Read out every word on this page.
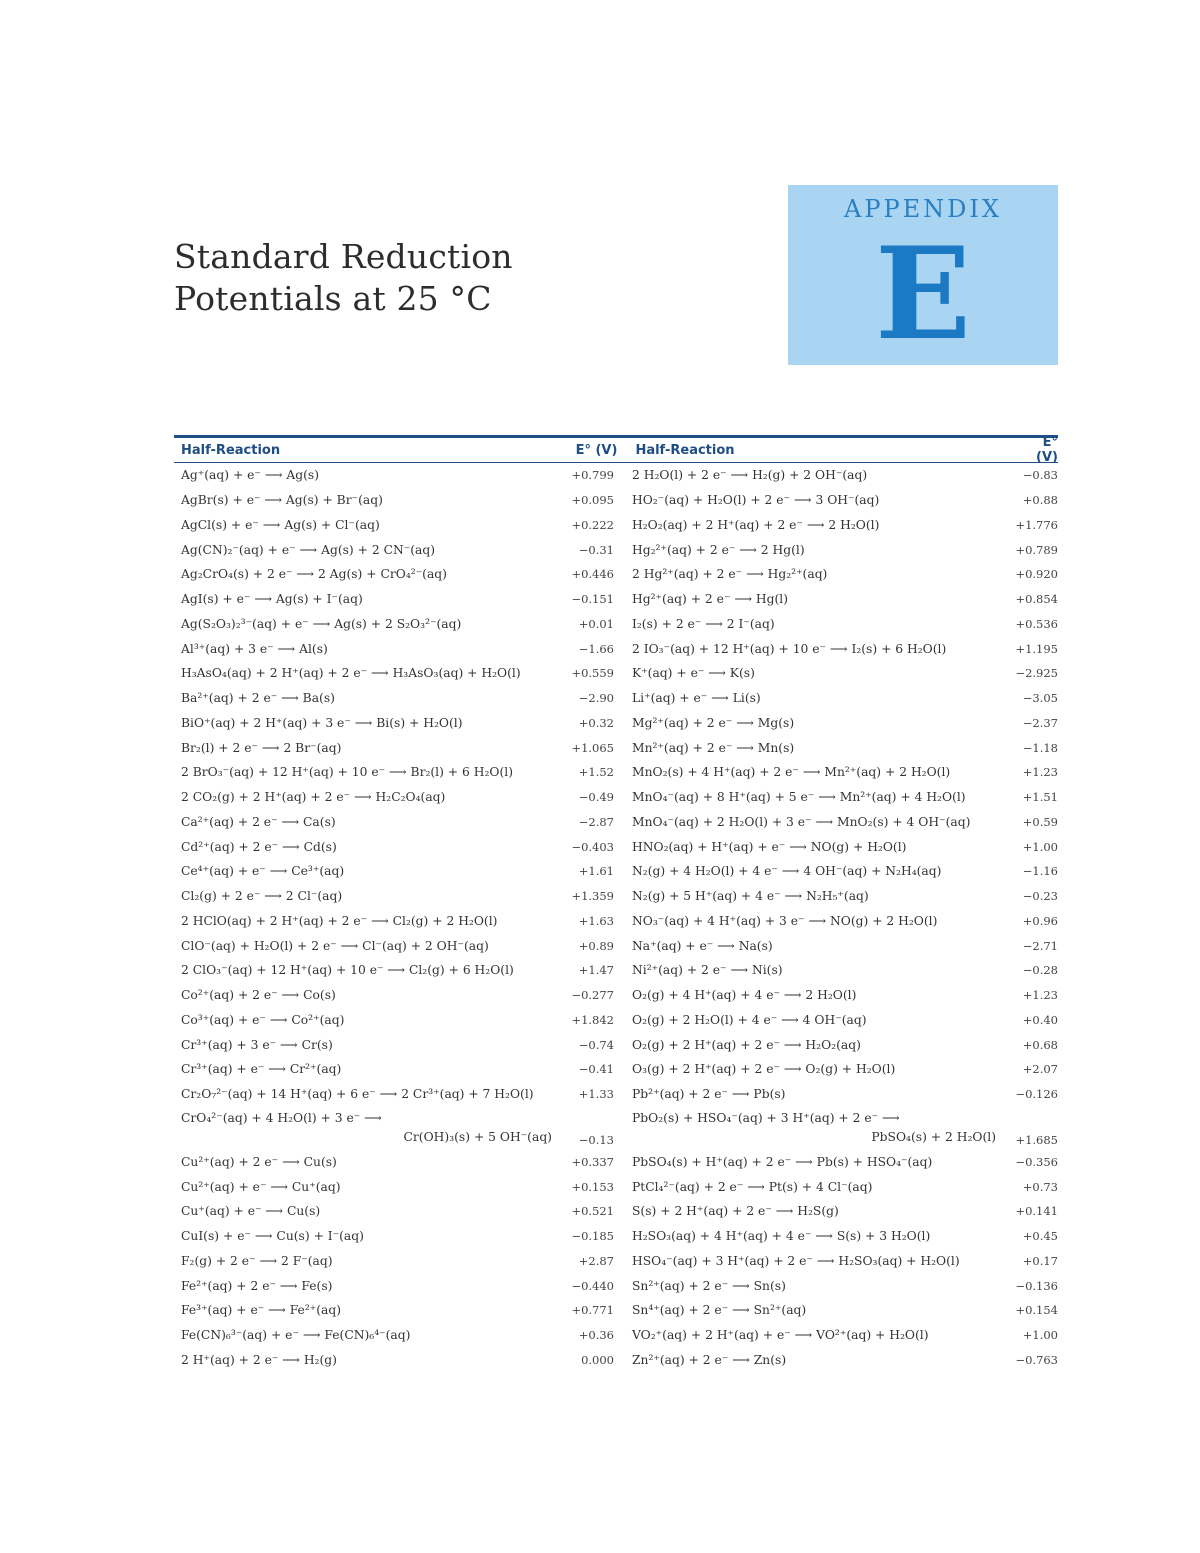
Standard Reduction
Potentials at 25 °C
APPENDIX
E
Half-Reaction	E° (V)	Half-Reaction	E° (V)
Ag⁺(aq) + e⁻ ⟶ Ag(s)	+0.799
AgBr(s) + e⁻ ⟶ Ag(s) + Br⁻(aq)	+0.095
AgCl(s) + e⁻ ⟶ Ag(s) + Cl⁻(aq)	+0.222
Ag(CN)₂⁻(aq) + e⁻ ⟶ Ag(s) + 2 CN⁻(aq)	−0.31
Ag₂CrO₄(s) + 2 e⁻ ⟶ 2 Ag(s) + CrO₄²⁻(aq)	+0.446
AgI(s) + e⁻ ⟶ Ag(s) + I⁻(aq)	−0.151
Ag(S₂O₃)₂³⁻(aq) + e⁻ ⟶ Ag(s) + 2 S₂O₃²⁻(aq)	+0.01
Al³⁺(aq) + 3 e⁻ ⟶ Al(s)	−1.66
H₃AsO₄(aq) + 2 H⁺(aq) + 2 e⁻ ⟶ H₃AsO₃(aq) + H₂O(l)	+0.559
Ba²⁺(aq) + 2 e⁻ ⟶ Ba(s)	−2.90
BiO⁺(aq) + 2 H⁺(aq) + 3 e⁻ ⟶ Bi(s) + H₂O(l)	+0.32
Br₂(l) + 2 e⁻ ⟶ 2 Br⁻(aq)	+1.065
2 BrO₃⁻(aq) + 12 H⁺(aq) + 10 e⁻ ⟶ Br₂(l) + 6 H₂O(l)	+1.52
2 CO₂(g) + 2 H⁺(aq) + 2 e⁻ ⟶ H₂C₂O₄(aq)	−0.49
Ca²⁺(aq) + 2 e⁻ ⟶ Ca(s)	−2.87
Cd²⁺(aq) + 2 e⁻ ⟶ Cd(s)	−0.403
Ce⁴⁺(aq) + e⁻ ⟶ Ce³⁺(aq)	+1.61
Cl₂(g) + 2 e⁻ ⟶ 2 Cl⁻(aq)	+1.359
2 HClO(aq) + 2 H⁺(aq) + 2 e⁻ ⟶ Cl₂(g) + 2 H₂O(l)	+1.63
ClO⁻(aq) + H₂O(l) + 2 e⁻ ⟶ Cl⁻(aq) + 2 OH⁻(aq)	+0.89
2 ClO₃⁻(aq) + 12 H⁺(aq) + 10 e⁻ ⟶ Cl₂(g) + 6 H₂O(l)	+1.47
Co²⁺(aq) + 2 e⁻ ⟶ Co(s)	−0.277
Co³⁺(aq) + e⁻ ⟶ Co²⁺(aq)	+1.842
Cr³⁺(aq) + 3 e⁻ ⟶ Cr(s)	−0.74
Cr³⁺(aq) + e⁻ ⟶ Cr²⁺(aq)	−0.41
Cr₂O₇²⁻(aq) + 14 H⁺(aq) + 6 e⁻ ⟶ 2 Cr³⁺(aq) + 7 H₂O(l)	+1.33
CrO₄²⁻(aq) + 4 H₂O(l) + 3 e⁻ ⟶
Cr(OH)₃(s) + 5 OH⁻(aq)	−0.13
Cu²⁺(aq) + 2 e⁻ ⟶ Cu(s)	+0.337
Cu²⁺(aq) + e⁻ ⟶ Cu⁺(aq)	+0.153
Cu⁺(aq) + e⁻ ⟶ Cu(s)	+0.521
CuI(s) + e⁻ ⟶ Cu(s) + I⁻(aq)	−0.185
F₂(g) + 2 e⁻ ⟶ 2 F⁻(aq)	+2.87
Fe²⁺(aq) + 2 e⁻ ⟶ Fe(s)	−0.440
Fe³⁺(aq) + e⁻ ⟶ Fe²⁺(aq)	+0.771
Fe(CN)₆³⁻(aq) + e⁻ ⟶ Fe(CN)₆⁴⁻(aq)	+0.36
2 H⁺(aq) + 2 e⁻ ⟶ H₂(g)	0.000
2 H₂O(l) + 2 e⁻ ⟶ H₂(g) + 2 OH⁻(aq)	−0.83
HO₂⁻(aq) + H₂O(l) + 2 e⁻ ⟶ 3 OH⁻(aq)	+0.88
H₂O₂(aq) + 2 H⁺(aq) + 2 e⁻ ⟶ 2 H₂O(l)	+1.776
Hg₂²⁺(aq) + 2 e⁻ ⟶ 2 Hg(l)	+0.789
2 Hg²⁺(aq) + 2 e⁻ ⟶ Hg₂²⁺(aq)	+0.920
Hg²⁺(aq) + 2 e⁻ ⟶ Hg(l)	+0.854
I₂(s) + 2 e⁻ ⟶ 2 I⁻(aq)	+0.536
2 IO₃⁻(aq) + 12 H⁺(aq) + 10 e⁻ ⟶ I₂(s) + 6 H₂O(l)	+1.195
K⁺(aq) + e⁻ ⟶ K(s)	−2.925
Li⁺(aq) + e⁻ ⟶ Li(s)	−3.05
Mg²⁺(aq) + 2 e⁻ ⟶ Mg(s)	−2.37
Mn²⁺(aq) + 2 e⁻ ⟶ Mn(s)	−1.18
MnO₂(s) + 4 H⁺(aq) + 2 e⁻ ⟶ Mn²⁺(aq) + 2 H₂O(l)	+1.23
MnO₄⁻(aq) + 8 H⁺(aq) + 5 e⁻ ⟶ Mn²⁺(aq) + 4 H₂O(l)	+1.51
MnO₄⁻(aq) + 2 H₂O(l) + 3 e⁻ ⟶ MnO₂(s) + 4 OH⁻(aq)	+0.59
HNO₂(aq) + H⁺(aq) + e⁻ ⟶ NO(g) + H₂O(l)	+1.00
N₂(g) + 4 H₂O(l) + 4 e⁻ ⟶ 4 OH⁻(aq) + N₂H₄(aq)	−1.16
N₂(g) + 5 H⁺(aq) + 4 e⁻ ⟶ N₂H₅⁺(aq)	−0.23
NO₃⁻(aq) + 4 H⁺(aq) + 3 e⁻ ⟶ NO(g) + 2 H₂O(l)	+0.96
Na⁺(aq) + e⁻ ⟶ Na(s)	−2.71
Ni²⁺(aq) + 2 e⁻ ⟶ Ni(s)	−0.28
O₂(g) + 4 H⁺(aq) + 4 e⁻ ⟶ 2 H₂O(l)	+1.23
O₂(g) + 2 H₂O(l) + 4 e⁻ ⟶ 4 OH⁻(aq)	+0.40
O₂(g) + 2 H⁺(aq) + 2 e⁻ ⟶ H₂O₂(aq)	+0.68
O₃(g) + 2 H⁺(aq) + 2 e⁻ ⟶ O₂(g) + H₂O(l)	+2.07
Pb²⁺(aq) + 2 e⁻ ⟶ Pb(s)	−0.126
PbO₂(s) + HSO₄⁻(aq) + 3 H⁺(aq) + 2 e⁻ ⟶
PbSO₄(s) + 2 H₂O(l)	+1.685
PbSO₄(s) + H⁺(aq) + 2 e⁻ ⟶ Pb(s) + HSO₄⁻(aq)	−0.356
PtCl₄²⁻(aq) + 2 e⁻ ⟶ Pt(s) + 4 Cl⁻(aq)	+0.73
S(s) + 2 H⁺(aq) + 2 e⁻ ⟶ H₂S(g)	+0.141
H₂SO₃(aq) + 4 H⁺(aq) + 4 e⁻ ⟶ S(s) + 3 H₂O(l)	+0.45
HSO₄⁻(aq) + 3 H⁺(aq) + 2 e⁻ ⟶ H₂SO₃(aq) + H₂O(l)	+0.17
Sn²⁺(aq) + 2 e⁻ ⟶ Sn(s)	−0.136
Sn⁴⁺(aq) + 2 e⁻ ⟶ Sn²⁺(aq)	+0.154
VO₂⁺(aq) + 2 H⁺(aq) + e⁻ ⟶ VO²⁺(aq) + H₂O(l)	+1.00
Zn²⁺(aq) + 2 e⁻ ⟶ Zn(s)	−0.763
